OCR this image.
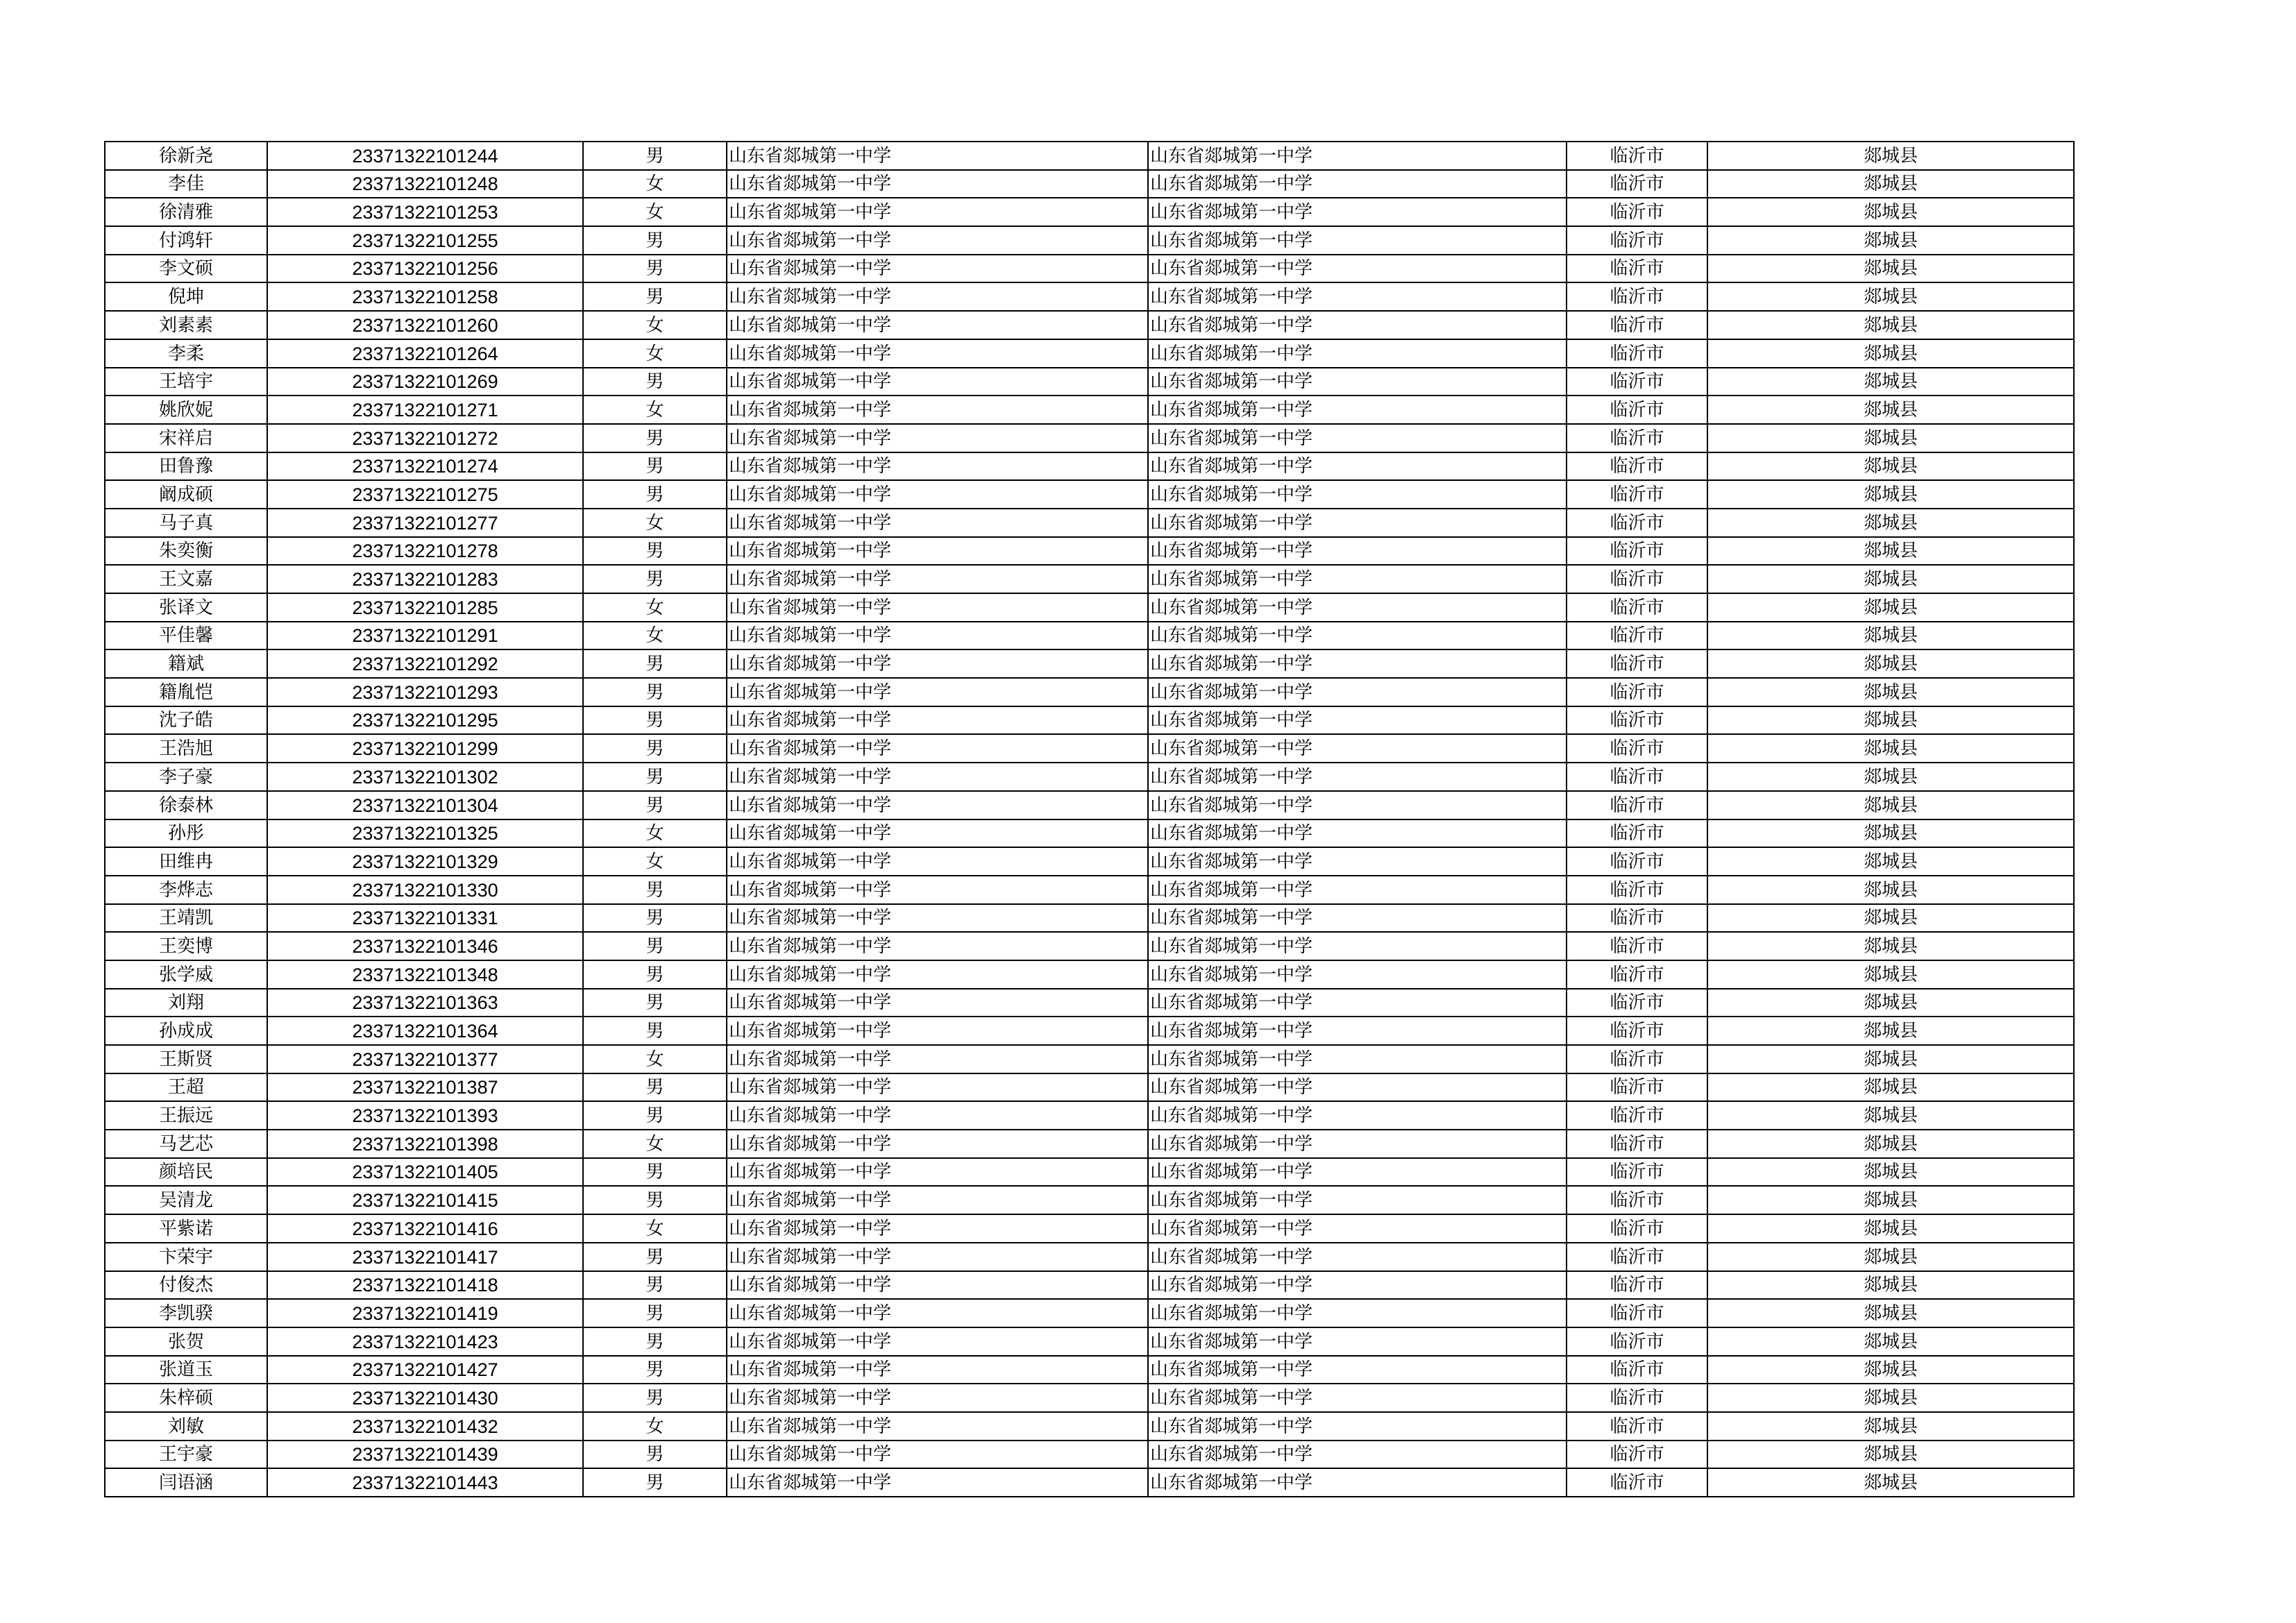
徐新尧	23371322101244	男	山东省郯城第一中学	山东省郯城第一中学	临沂市	郯城县
李佳	23371322101248	女	山东省郯城第一中学	山东省郯城第一中学	临沂市	郯城县
徐清雅	23371322101253	女	山东省郯城第一中学	山东省郯城第一中学	临沂市	郯城县
付鸿轩	23371322101255	男	山东省郯城第一中学	山东省郯城第一中学	临沂市	郯城县
李文硕	23371322101256	男	山东省郯城第一中学	山东省郯城第一中学	临沂市	郯城县
倪坤	23371322101258	男	山东省郯城第一中学	山东省郯城第一中学	临沂市	郯城县
刘素素	23371322101260	女	山东省郯城第一中学	山东省郯城第一中学	临沂市	郯城县
李柔	23371322101264	女	山东省郯城第一中学	山东省郯城第一中学	临沂市	郯城县
王培宇	23371322101269	男	山东省郯城第一中学	山东省郯城第一中学	临沂市	郯城县
姚欣妮	23371322101271	女	山东省郯城第一中学	山东省郯城第一中学	临沂市	郯城县
宋祥启	23371322101272	男	山东省郯城第一中学	山东省郯城第一中学	临沂市	郯城县
田鲁豫	23371322101274	男	山东省郯城第一中学	山东省郯城第一中学	临沂市	郯城县
阚成硕	23371322101275	男	山东省郯城第一中学	山东省郯城第一中学	临沂市	郯城县
马子真	23371322101277	女	山东省郯城第一中学	山东省郯城第一中学	临沂市	郯城县
朱奕衡	23371322101278	男	山东省郯城第一中学	山东省郯城第一中学	临沂市	郯城县
王文嘉	23371322101283	男	山东省郯城第一中学	山东省郯城第一中学	临沂市	郯城县
张译文	23371322101285	女	山东省郯城第一中学	山东省郯城第一中学	临沂市	郯城县
平佳馨	23371322101291	女	山东省郯城第一中学	山东省郯城第一中学	临沂市	郯城县
籍斌	23371322101292	男	山东省郯城第一中学	山东省郯城第一中学	临沂市	郯城县
籍胤恺	23371322101293	男	山东省郯城第一中学	山东省郯城第一中学	临沂市	郯城县
沈子皓	23371322101295	男	山东省郯城第一中学	山东省郯城第一中学	临沂市	郯城县
王浩旭	23371322101299	男	山东省郯城第一中学	山东省郯城第一中学	临沂市	郯城县
李子豪	23371322101302	男	山东省郯城第一中学	山东省郯城第一中学	临沂市	郯城县
徐泰林	23371322101304	男	山东省郯城第一中学	山东省郯城第一中学	临沂市	郯城县
孙彤	23371322101325	女	山东省郯城第一中学	山东省郯城第一中学	临沂市	郯城县
田维冉	23371322101329	女	山东省郯城第一中学	山东省郯城第一中学	临沂市	郯城县
李烨志	23371322101330	男	山东省郯城第一中学	山东省郯城第一中学	临沂市	郯城县
王靖凯	23371322101331	男	山东省郯城第一中学	山东省郯城第一中学	临沂市	郯城县
王奕博	23371322101346	男	山东省郯城第一中学	山东省郯城第一中学	临沂市	郯城县
张学威	23371322101348	男	山东省郯城第一中学	山东省郯城第一中学	临沂市	郯城县
刘翔	23371322101363	男	山东省郯城第一中学	山东省郯城第一中学	临沂市	郯城县
孙成成	23371322101364	男	山东省郯城第一中学	山东省郯城第一中学	临沂市	郯城县
王斯贤	23371322101377	女	山东省郯城第一中学	山东省郯城第一中学	临沂市	郯城县
王超	23371322101387	男	山东省郯城第一中学	山东省郯城第一中学	临沂市	郯城县
王振远	23371322101393	男	山东省郯城第一中学	山东省郯城第一中学	临沂市	郯城县
马艺芯	23371322101398	女	山东省郯城第一中学	山东省郯城第一中学	临沂市	郯城县
颜培民	23371322101405	男	山东省郯城第一中学	山东省郯城第一中学	临沂市	郯城县
吴清龙	23371322101415	男	山东省郯城第一中学	山东省郯城第一中学	临沂市	郯城县
平紫诺	23371322101416	女	山东省郯城第一中学	山东省郯城第一中学	临沂市	郯城县
卞荣宇	23371322101417	男	山东省郯城第一中学	山东省郯城第一中学	临沂市	郯城县
付俊杰	23371322101418	男	山东省郯城第一中学	山东省郯城第一中学	临沂市	郯城县
李凯骙	23371322101419	男	山东省郯城第一中学	山东省郯城第一中学	临沂市	郯城县
张贺	23371322101423	男	山东省郯城第一中学	山东省郯城第一中学	临沂市	郯城县
张道玉	23371322101427	男	山东省郯城第一中学	山东省郯城第一中学	临沂市	郯城县
朱梓硕	23371322101430	男	山东省郯城第一中学	山东省郯城第一中学	临沂市	郯城县
刘敏	23371322101432	女	山东省郯城第一中学	山东省郯城第一中学	临沂市	郯城县
王宇豪	23371322101439	男	山东省郯城第一中学	山东省郯城第一中学	临沂市	郯城县
闫语涵	23371322101443	男	山东省郯城第一中学	山东省郯城第一中学	临沂市	郯城县
